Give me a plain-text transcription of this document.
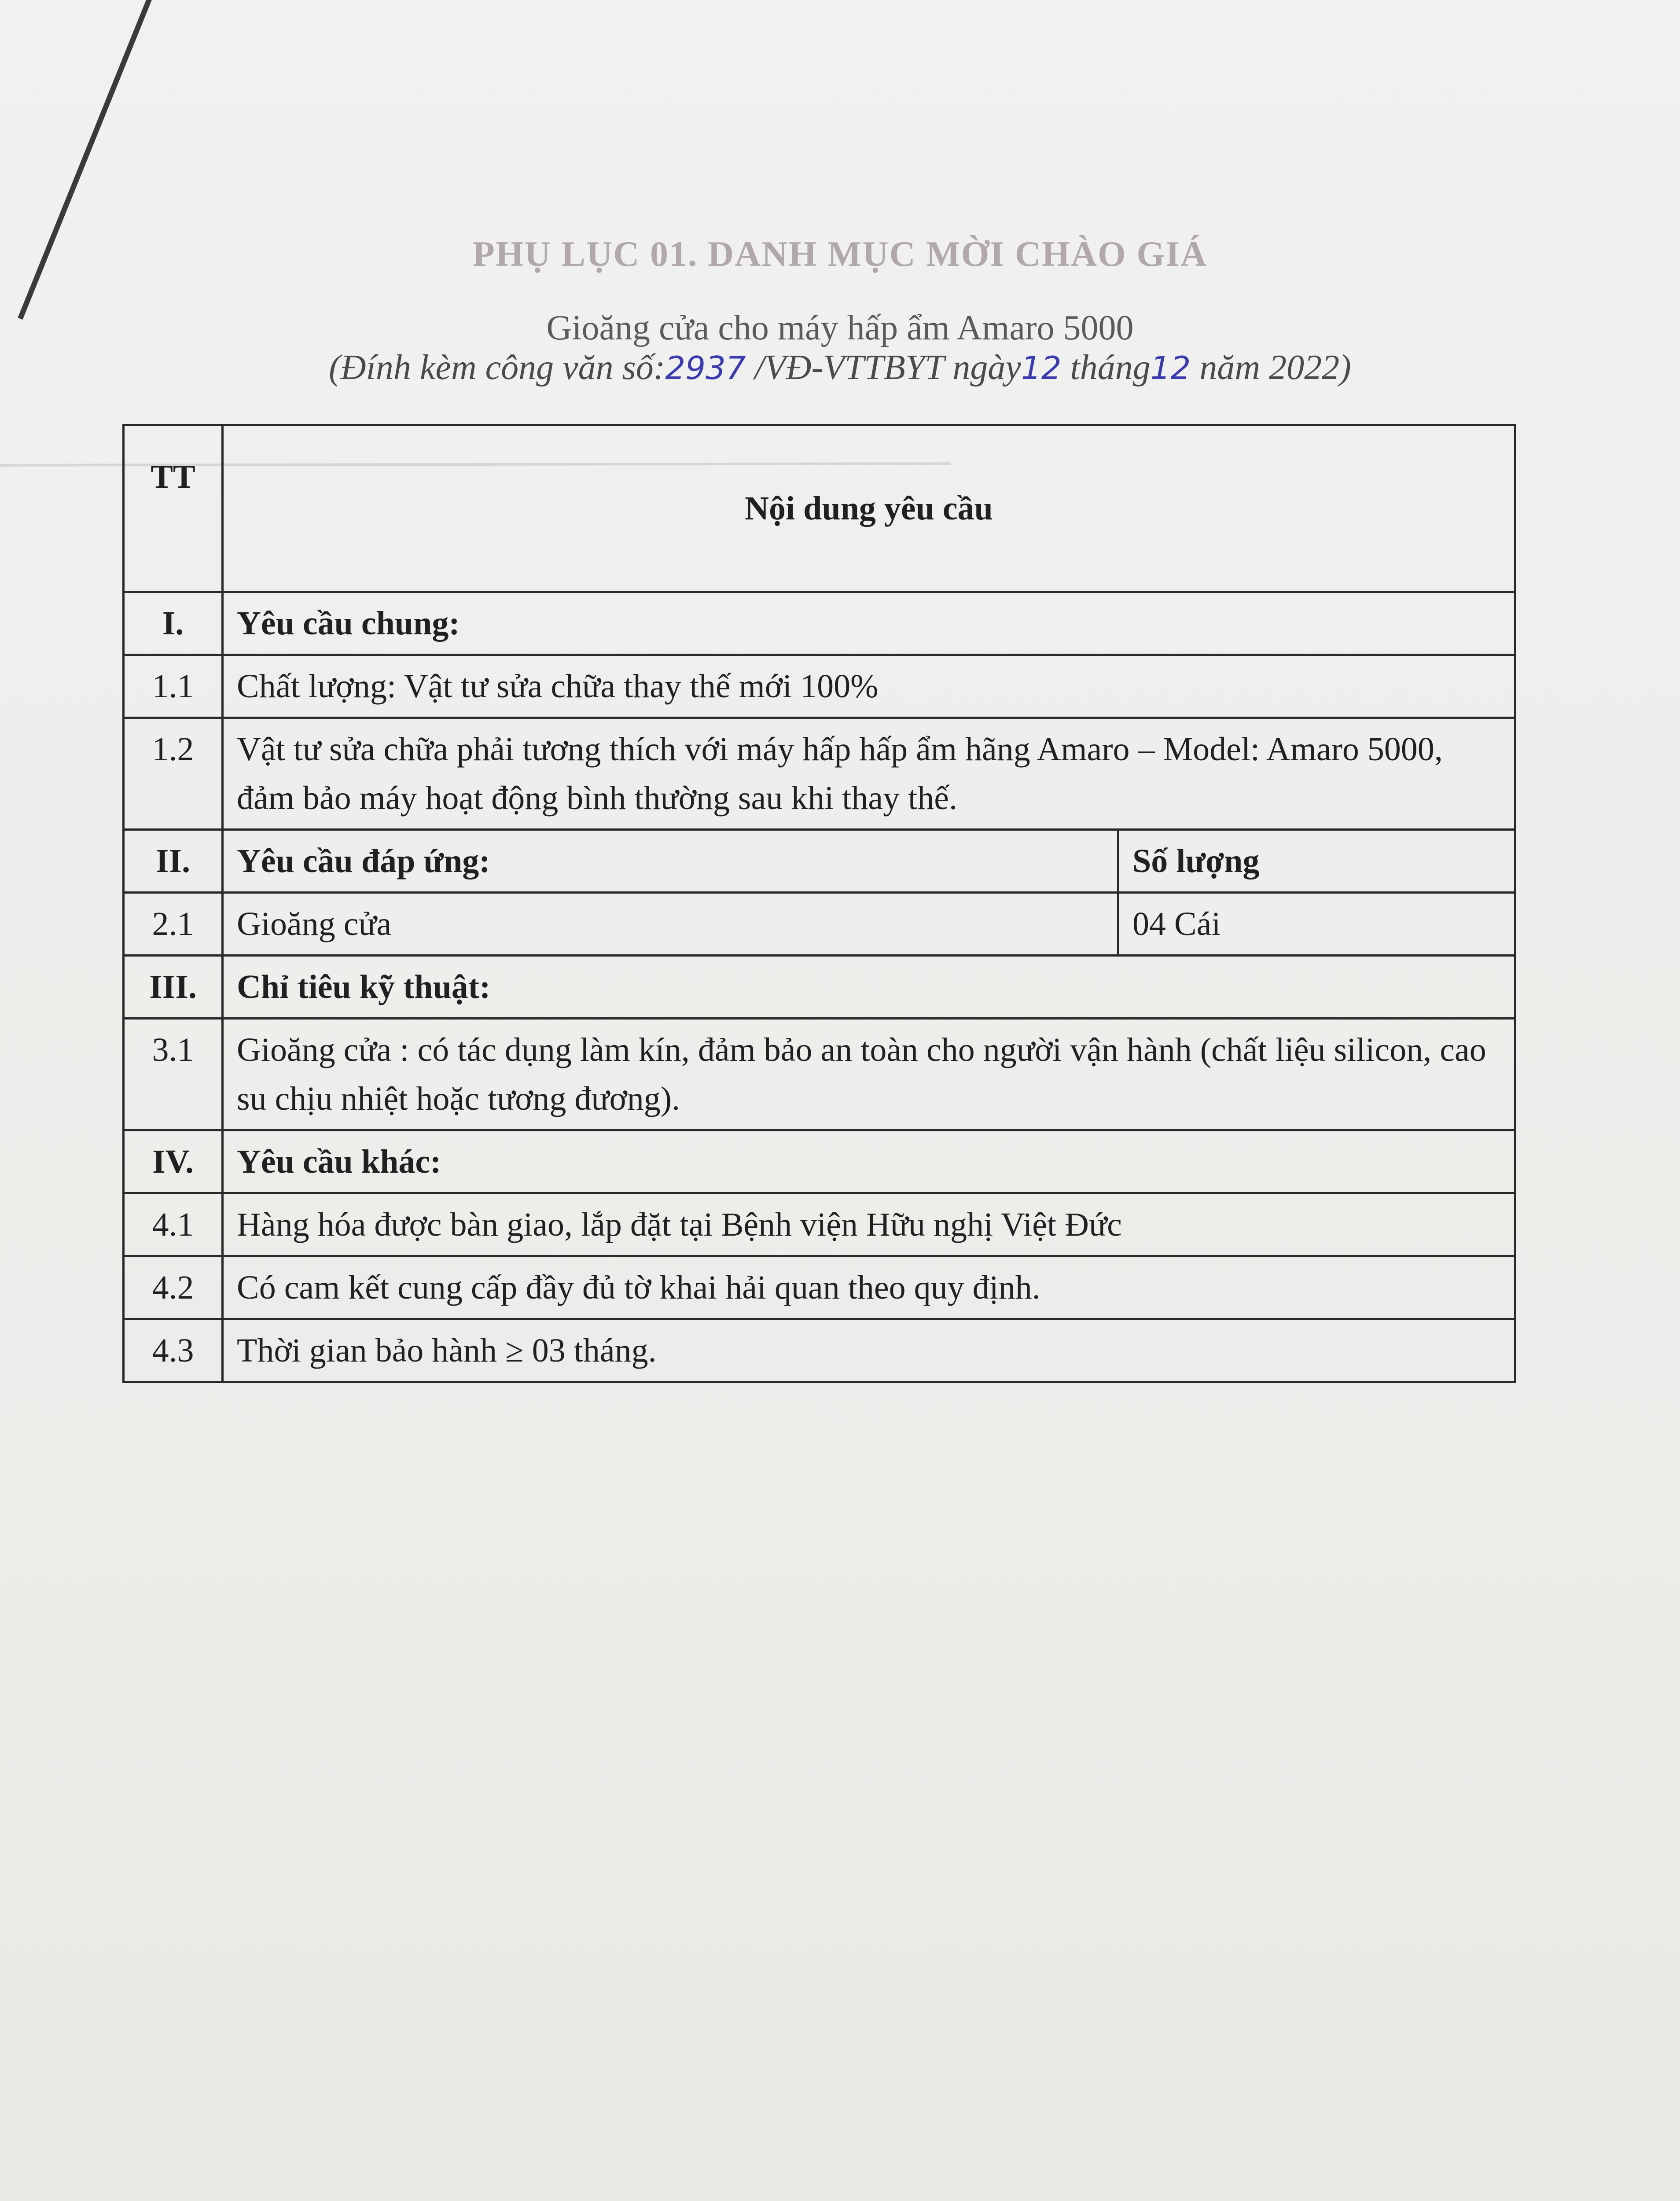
PHỤ LỤC 01. DANH MỤC MỜI CHÀO GIÁ
Gioăng cửa cho máy hấp ẩm Amaro 5000
(Đính kèm công văn số:2937 /VĐ-VTTBYT ngày12 tháng12 năm 2022)
TT	Nội dung yêu cầu	
I.	Yêu cầu chung:	
1.1	Chất lượng: Vật tư sửa chữa thay thế mới 100%	
1.2	Vật tư sửa chữa phải tương thích với máy hấp hấp ẩm hãng Amaro – Model: Amaro 5000, đảm bảo máy hoạt động bình thường sau khi thay thế.	
II.	Yêu cầu đáp ứng:	Số lượng
2.1	Gioăng cửa	04 Cái
III.	Chỉ tiêu kỹ thuật:	
3.1	Gioăng cửa : có tác dụng làm kín, đảm bảo an toàn cho người vận hành (chất liệu silicon, cao su chịu nhiệt hoặc tương đương).	
IV.	Yêu cầu khác:	
4.1	Hàng hóa được bàn giao, lắp đặt tại Bệnh viện Hữu nghị Việt Đức	
4.2	Có cam kết cung cấp đầy đủ tờ khai hải quan theo quy định.	
4.3	Thời gian bảo hành ≥ 03 tháng.	
